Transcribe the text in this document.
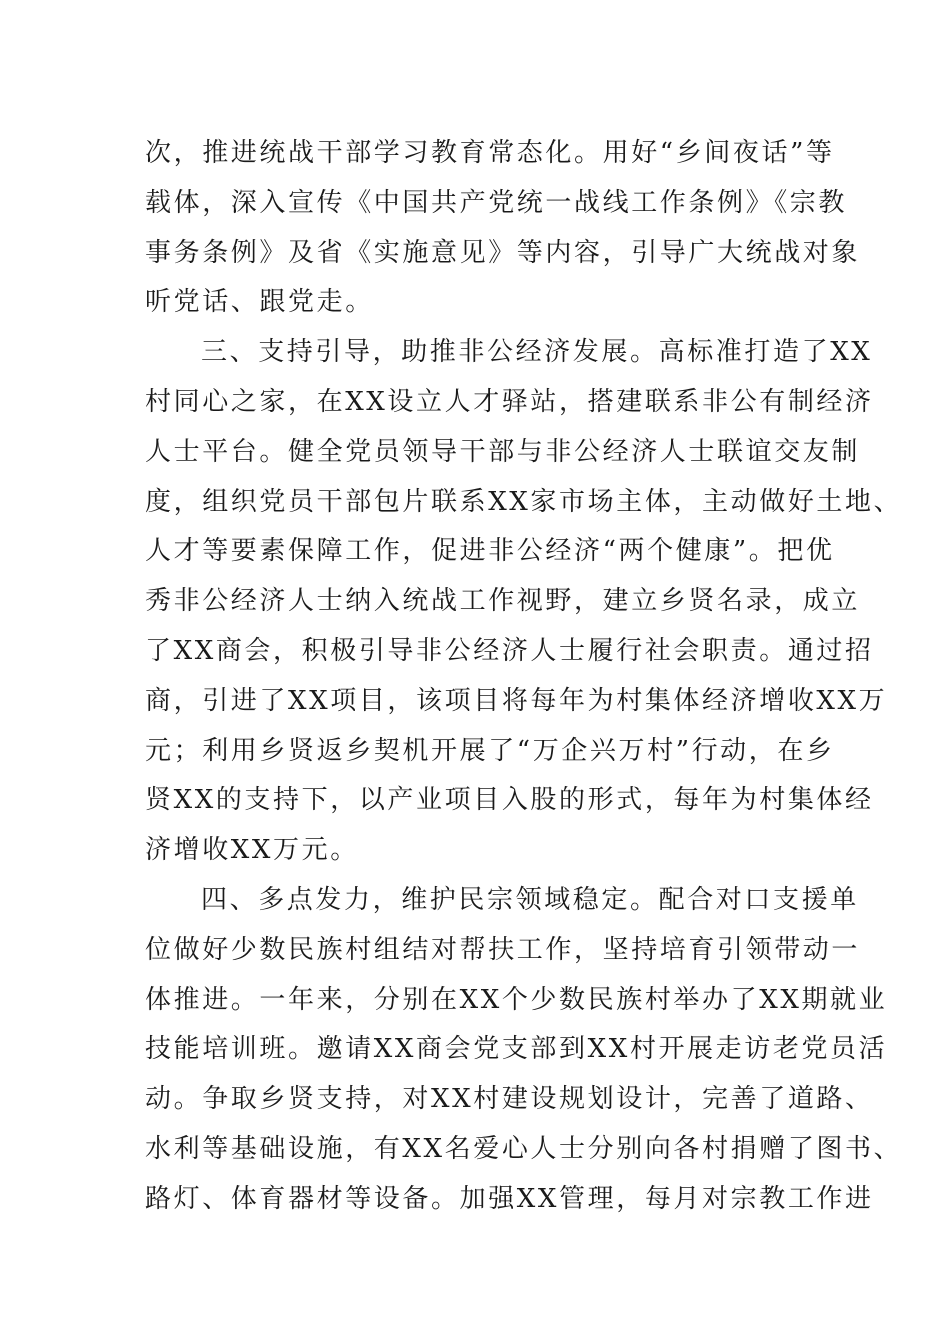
次，推进统战干部学习教育常态化。用好“乡间夜话”等
载体，深入宣传《中国共产党统一战线工作条例》《宗教
事务条例》及省《实施意见》等内容，引导广大统战对象
听党话、跟党走。
三、支持引导，助推非公经济发展。高标准打造了XX
村同心之家，在XX设立人才驿站，搭建联系非公有制经济
人士平台。健全党员领导干部与非公经济人士联谊交友制
度，组织党员干部包片联系XX家市场主体，主动做好土地、
人才等要素保障工作，促进非公经济“两个健康”。把优
秀非公经济人士纳入统战工作视野，建立乡贤名录，成立
了XX商会，积极引导非公经济人士履行社会职责。通过招
商，引进了XX项目，该项目将每年为村集体经济增收XX万
元；利用乡贤返乡契机开展了“万企兴万村”行动，在乡
贤XX的支持下，以产业项目入股的形式，每年为村集体经
济增收XX万元。
四、多点发力，维护民宗领域稳定。配合对口支援单
位做好少数民族村组结对帮扶工作，坚持培育引领带动一
体推进。一年来，分别在XX个少数民族村举办了XX期就业
技能培训班。邀请XX商会党支部到XX村开展走访老党员活
动。争取乡贤支持，对XX村建设规划设计，完善了道路、
水利等基础设施，有XX名爱心人士分别向各村捐赠了图书、
路灯、体育器材等设备。加强XX管理，每月对宗教工作进
